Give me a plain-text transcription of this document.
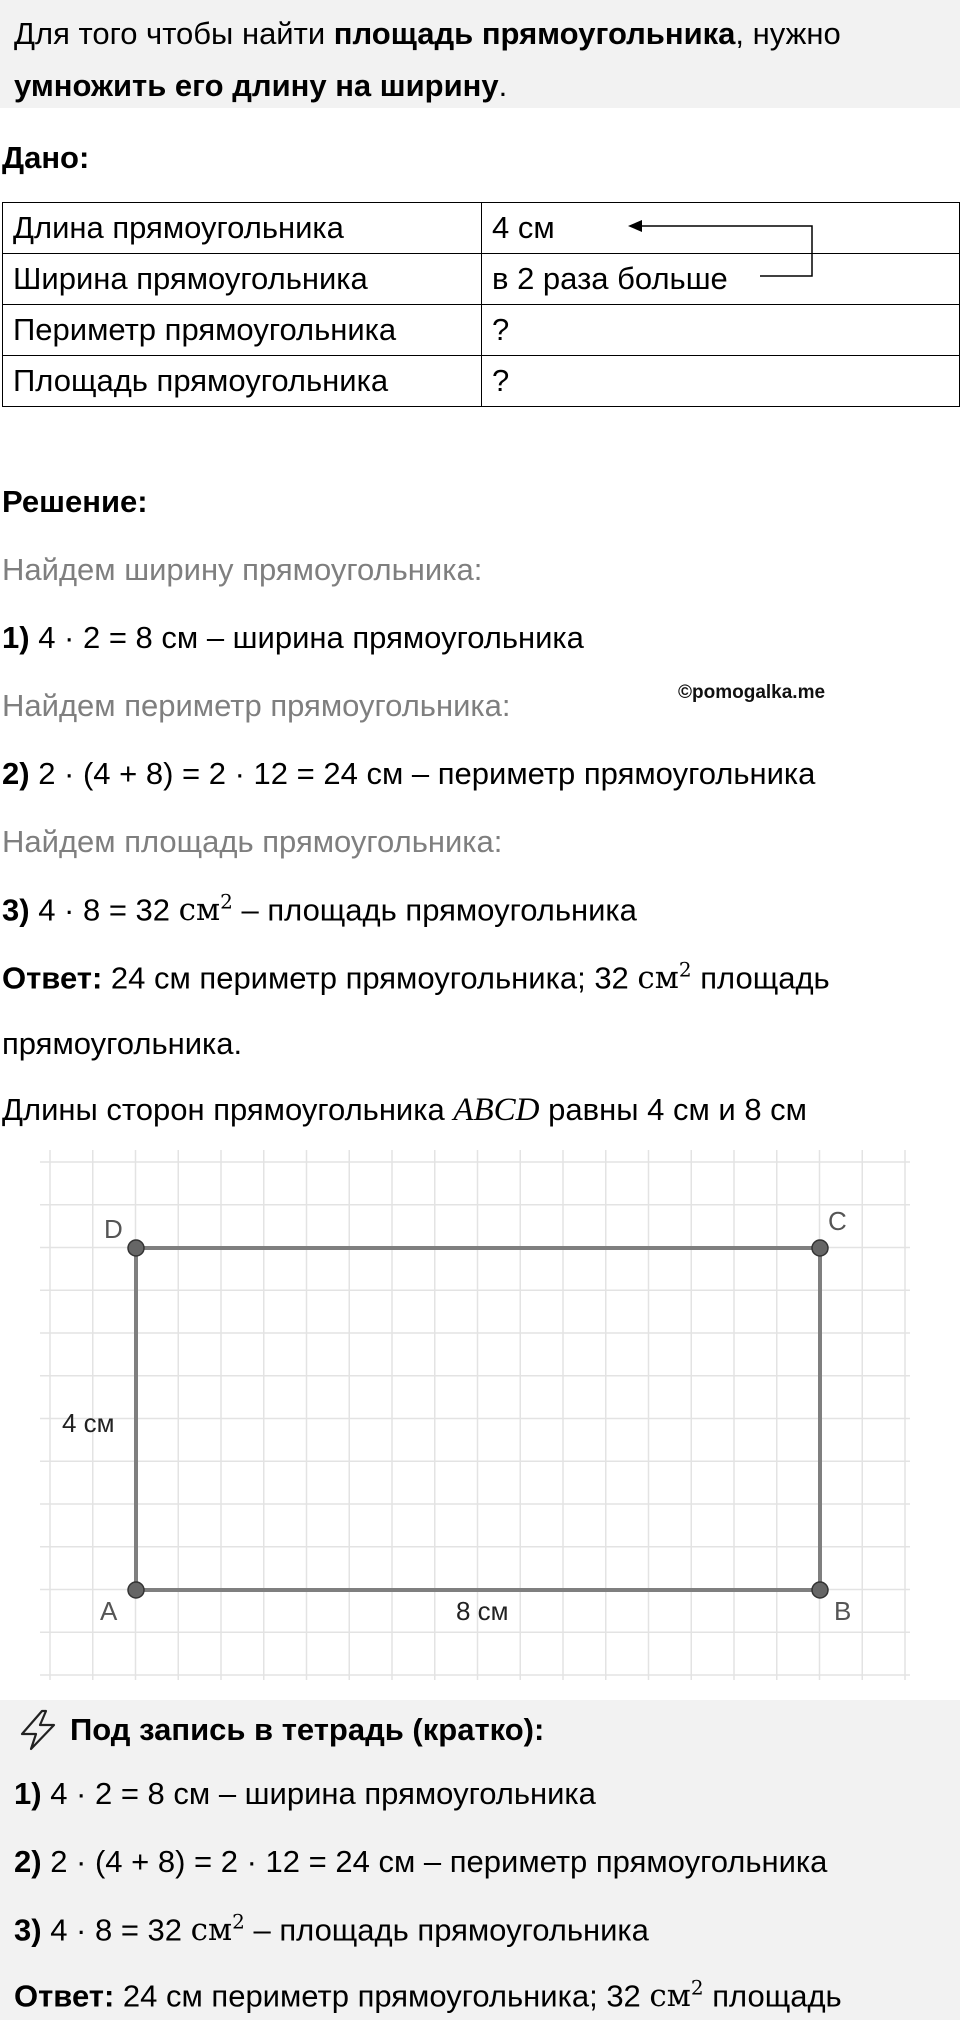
Для того чтобы найти площадь прямоугольника, нужно
умножить его длину на ширину.
Дано:
Длина прямоугольника	4 см
Ширина прямоугольника	в 2 раза больше
Периметр прямоугольника	?
Площадь прямоугольника	?
Решение:
Найдем ширину прямоугольника:
1) 4 · 2 = 8 см – ширина прямоугольника
©pomogalka.me
Найдем периметр прямоугольника:
2) 2 · (4 + 8) = 2 · 12 = 24 см – периметр прямоугольника
Найдем площадь прямоугольника:
3) 4 · 8 = 32 $см^2$ – площадь прямоугольника
Ответ: 24 см периметр прямоугольника; 32 $см^2$ площадь
прямоугольника.
Длины сторон прямоугольника ABCD равны 4 см и 8 см
D	C
A	B
4 см
8 см
Под запись в тетрадь (кратко):
1) 4 · 2 = 8 см – ширина прямоугольника
2) 2 · (4 + 8) = 2 · 12 = 24 см – периметр прямоугольника
3) 4 · 8 = 32 $см^2$ – площадь прямоугольника
Ответ: 24 см периметр прямоугольника; 32 $см^2$ площадь
